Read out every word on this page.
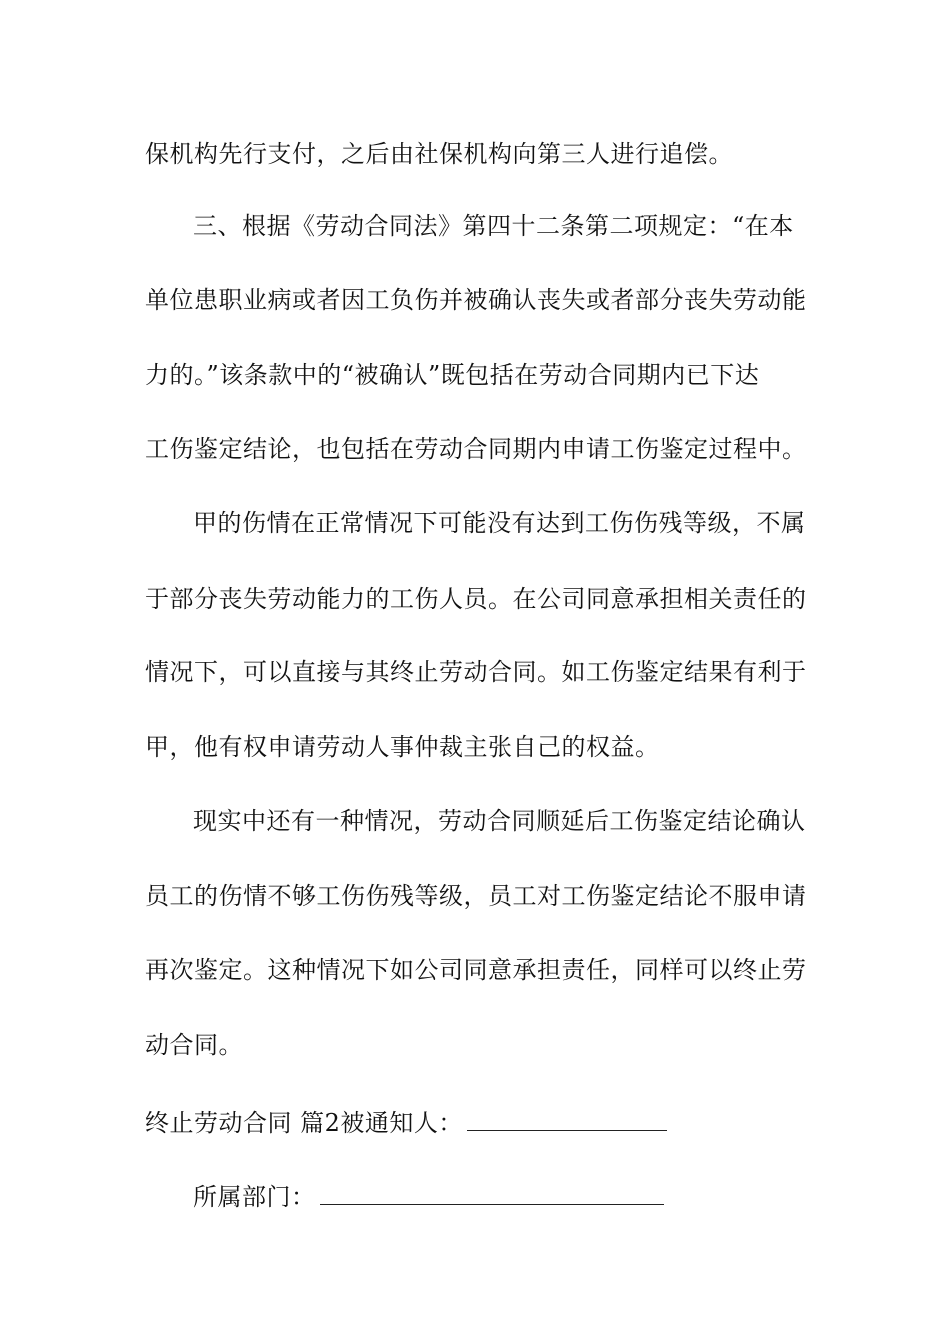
保机构先行支付，之后由社保机构向第三人进行追偿。
三、根据《劳动合同法》第四十二条第二项规定：“在本
单位患职业病或者因工负伤并被确认丧失或者部分丧失劳动能
力的。”该条款中的“被确认”既包括在劳动合同期内已下达
工伤鉴定结论，也包括在劳动合同期内申请工伤鉴定过程中。
甲的伤情在正常情况下可能没有达到工伤伤残等级，不属
于部分丧失劳动能力的工伤人员。在公司同意承担相关责任的
情况下，可以直接与其终止劳动合同。如工伤鉴定结果有利于
甲，他有权申请劳动人事仲裁主张自己的权益。
现实中还有一种情况，劳动合同顺延后工伤鉴定结论确认
员工的伤情不够工伤伤残等级，员工对工伤鉴定结论不服申请
再次鉴定。这种情况下如公司同意承担责任，同样可以终止劳
动合同。
终止劳动合同 篇2被通知人：
所属部门：
